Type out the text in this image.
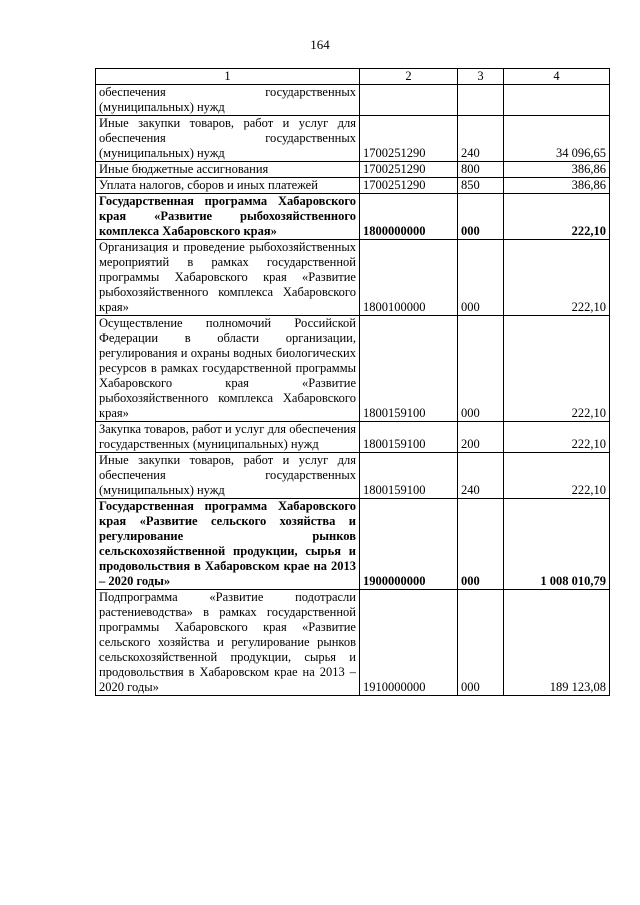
164
1	2	3	4
обеспечения государственных (муниципальных) нужд			
Иные закупки товаров, работ и услуг для обеспечения государственных (муниципальных) нужд	1700251290	240	34 096,65
Иные бюджетные ассигнования	1700251290	800	386,86
Уплата налогов, сборов и иных платежей	1700251290	850	386,86
Государственная программа Хабаровского края «Развитие рыбохозяйственного комплекса Хабаровского края»	1800000000	000	222,10
Организация и проведение рыбохозяйственных мероприятий в рамках государственной программы Хабаровского края «Развитие рыбохозяйственного комплекса Хабаровского края»	1800100000	000	222,10
Осуществление полномочий Российской Федерации в области организации, регулирования и охраны водных биологических ресурсов в рамках государственной программы Хабаровского края «Развитие рыбохозяйственного комплекса Хабаровского края»	1800159100	000	222,10
Закупка товаров, работ и услуг для обеспечения государственных (муниципальных) нужд	1800159100	200	222,10
Иные закупки товаров, работ и услуг для обеспечения государственных (муниципальных) нужд	1800159100	240	222,10
Государственная программа Хабаровского края «Развитие сельского хозяйства и регулирование рынков сельскохозяйственной продукции, сырья и продовольствия в Хабаровском крае на 2013 – 2020 годы»	1900000000	000	1 008 010,79
Подпрограмма «Развитие подотрасли растениеводства» в рамках государственной программы Хабаровского края «Развитие сельского хозяйства и регулирование рынков сельскохозяйственной продукции, сырья и продовольствия в Хабаровском крае на 2013 – 2020 годы»	1910000000	000	189 123,08
